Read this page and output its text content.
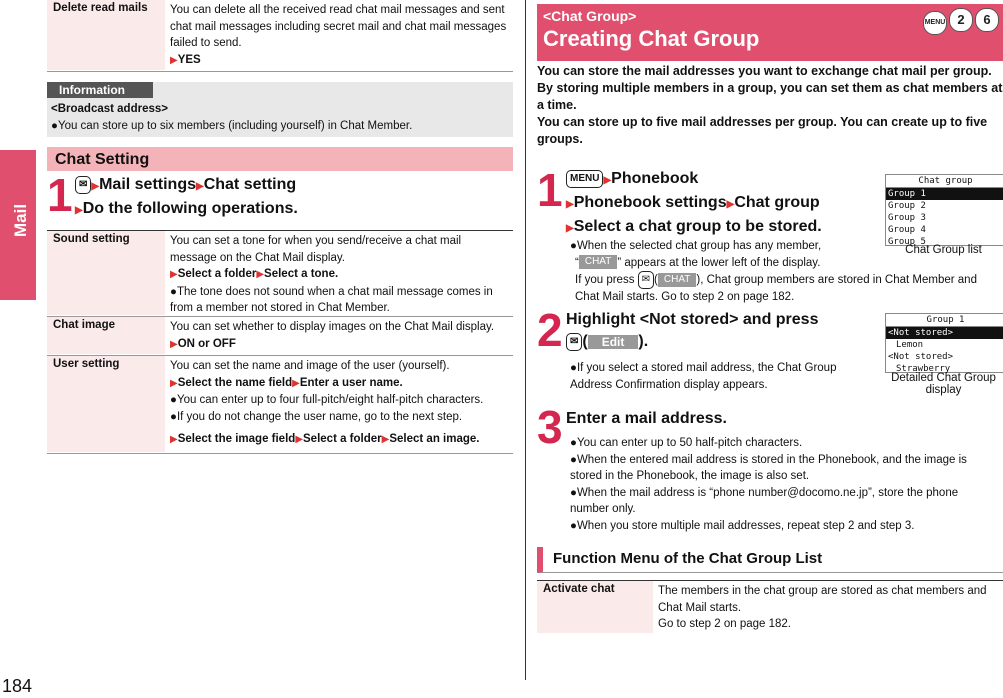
Mail
184
Delete read mails	You can delete all the received read chat mail messages and sent chat mail messages including secret mail and chat mail messages failed to send.
▶YES
Information
<Broadcast address>
●You can store up to six members (including yourself) in Chat Member.
Chat Setting
1 ✉ ▶Mail settings▶Chat setting
▶Do the following operations.
Sound setting	You can set a tone for when you send/receive a chat mail message on the Chat Mail display.
▶Select a folder▶Select a tone.
●The tone does not sound when a chat mail message comes in from a member not stored in Chat Member.
Chat image	You can set whether to display images on the Chat Mail display.
▶ON or OFF
User setting	You can set the name and image of the user (yourself).
▶Select the name field▶Enter a user name.
●You can enter up to four full-pitch/eight half-pitch characters.
●If you do not change the user name, go to the next step.

▶Select the image field▶Select a folder▶Select an image.
<Chat Group>
Creating Chat Group
MENU 2 6
You can store the mail addresses you want to exchange chat mail per group.
By storing multiple members in a group, you can set them as chat members at a time.
You can store up to five mail addresses per group. You can create up to five groups.
1 MENU ▶Phonebook
▶Phonebook settings▶Chat group
▶Select a chat group to be stored.
●When the selected chat group has any member,
“ CHAT ” appears at the lower left of the display.
If you press ✉ ( CHAT ), Chat group members are stored in Chat Member and Chat Mail starts. Go to step 2 on page 182.
Chat group
Group 1
Group 2
Group 3
Group 4
Group 5
Chat Group list
2 Highlight <Not stored> and press
✉ ( Edit ).
●If you select a stored mail address, the Chat Group Address Confirmation display appears.
Group 1
<Not stored>
Lemon
<Not stored>
Strawberry
Detailed Chat Group display
3 Enter a mail address.
●You can enter up to 50 half-pitch characters.
●When the entered mail address is stored in the Phonebook, and the image is stored in the Phonebook, the image is also set.
●When the mail address is “phone number@docomo.ne.jp”, store the phone number only.
●When you store multiple mail addresses, repeat step 2 and step 3.
Function Menu of the Chat Group List
Activate chat	The members in the chat group are stored as chat members and Chat Mail starts.
Go to step 2 on page 182.
